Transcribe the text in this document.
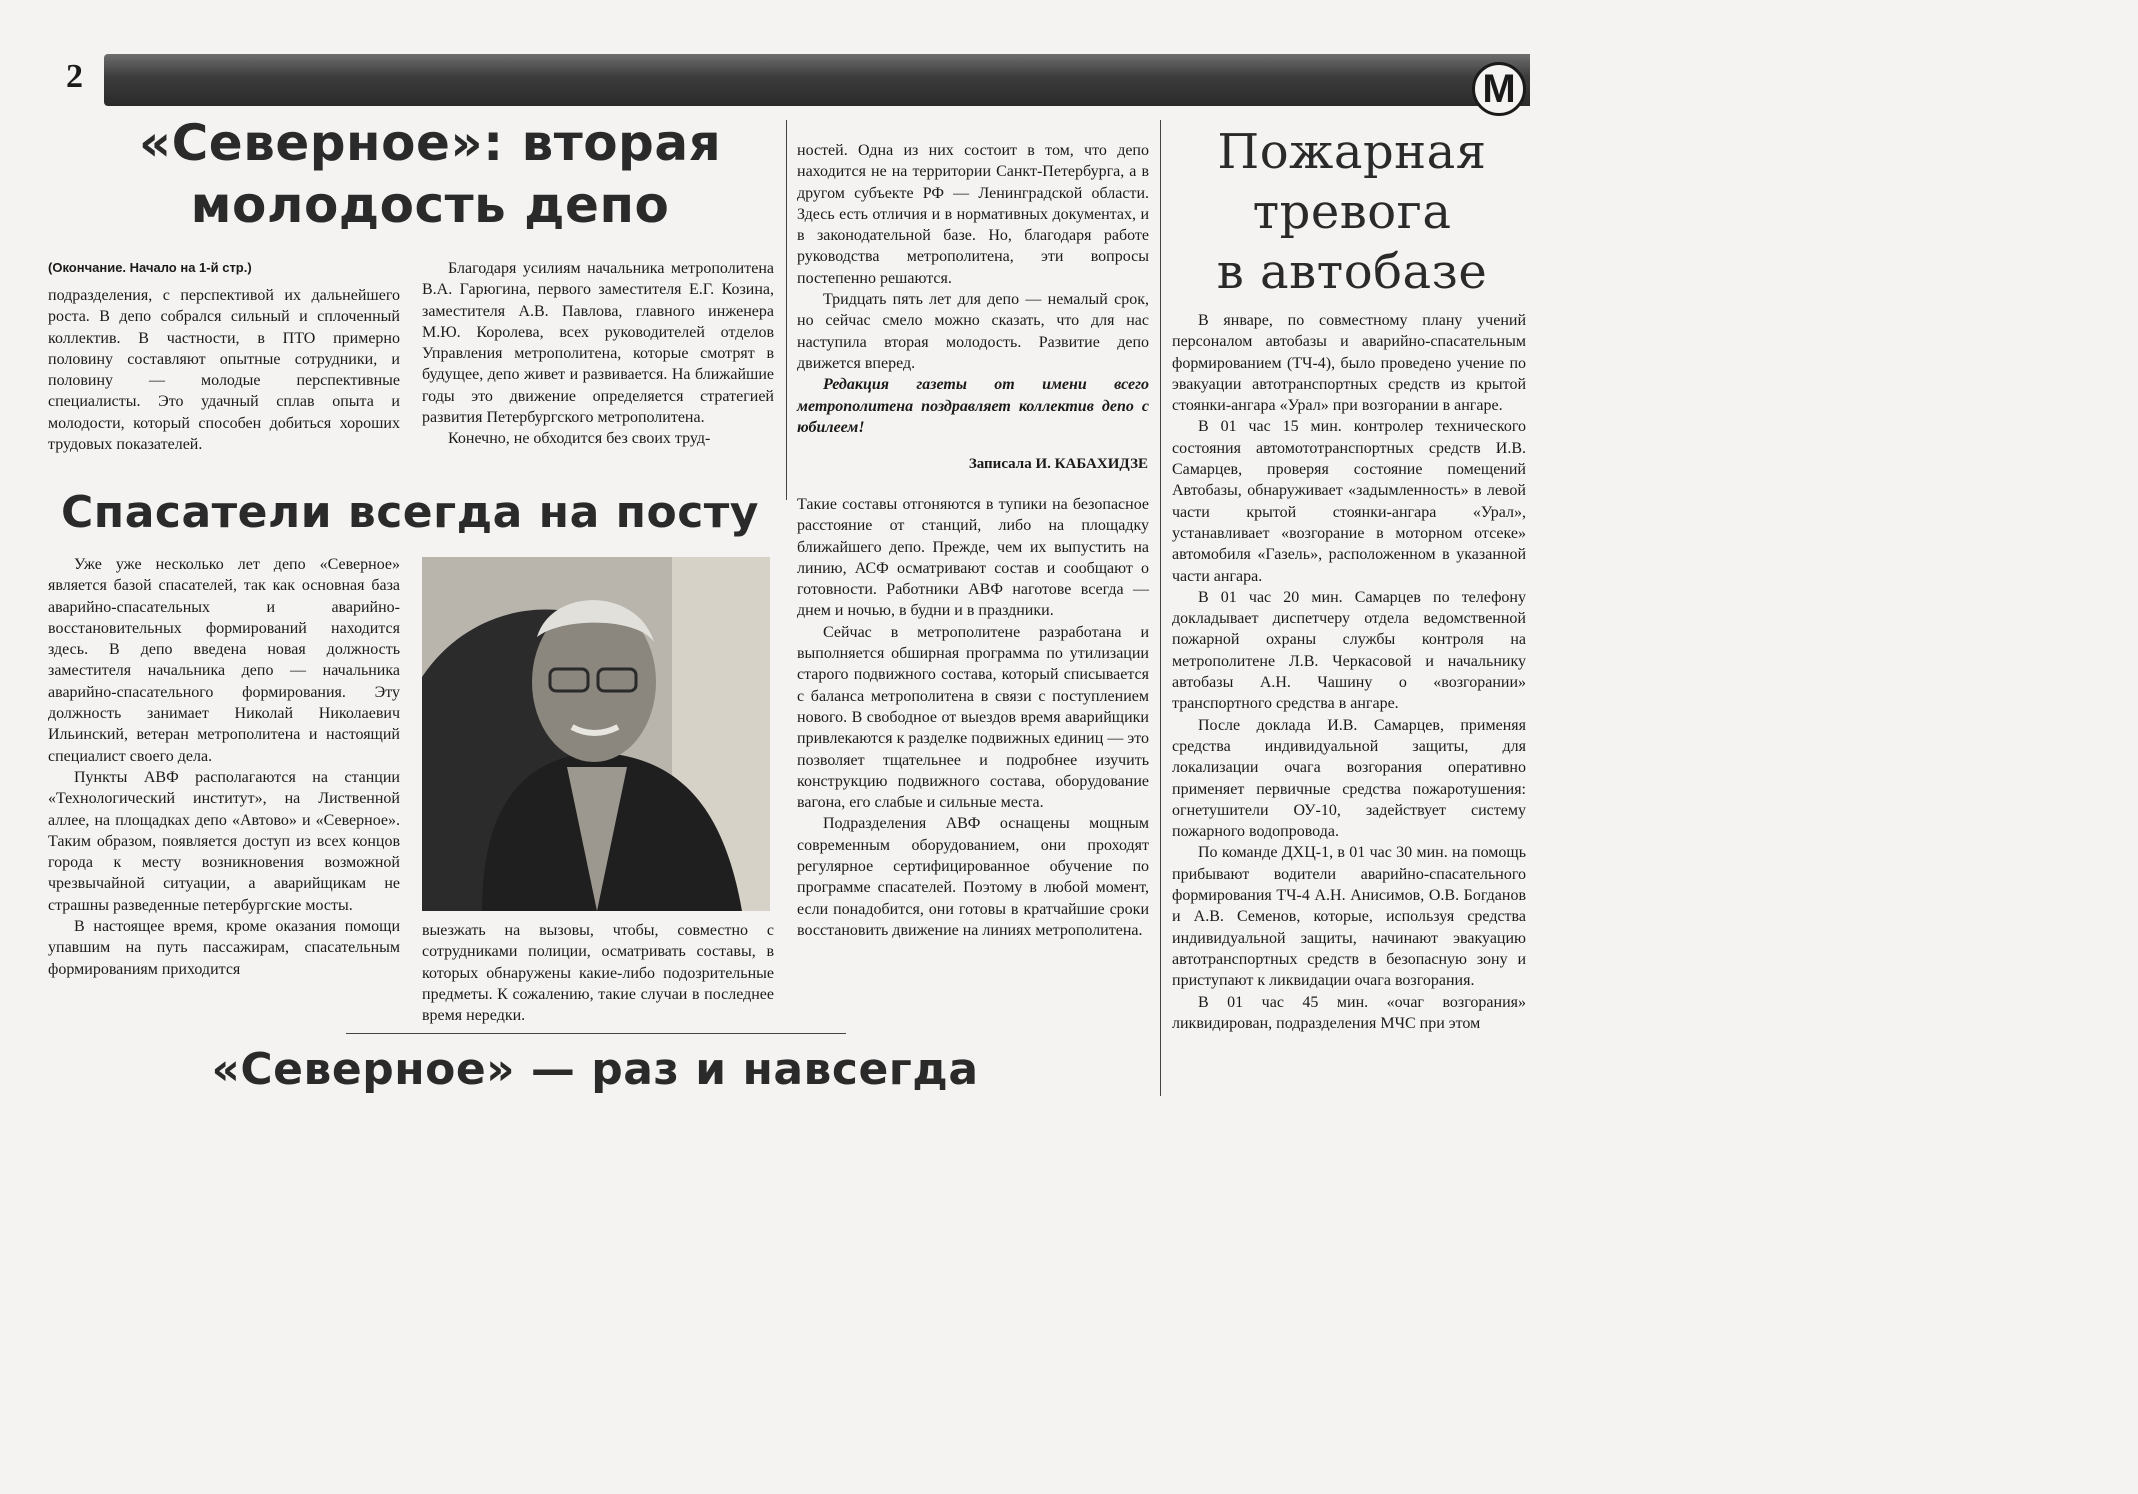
2	M
«Северное»: вторая
молодость депо
(Окончание. Начало на 1-й стр.)

подразделения, с перспективой их дальнейшего роста. В депо собрался сильный и сплоченный коллектив. В частности, в ПТО примерно половину составляют опытные сотрудники, и половину — молодые перспективные специалисты. Это удачный сплав опыта и молодости, который способен добиться хороших трудовых показателей.

Благодаря усилиям начальника метрополитена В.А. Гарюгина, первого заместителя Е.Г. Козина, заместителя А.В. Павлова, главного инженера М.Ю. Королева, всех руководителей отделов Управления метрополитена, которые смотрят в будущее, депо живет и развивается. На ближайшие годы это движение определяется стратегией развития Петербургского метрополитена.

Конечно, не обходится без своих труд-

ностей. Одна из них состоит в том, что депо находится не на территории Санкт-Петербурга, а в другом субъекте РФ — Ленинградской области. Здесь есть отличия и в нормативных документах, и в законодательной базе. Но, благодаря работе руководства метрополитена, эти вопросы постепенно решаются.

Тридцать пять лет для депо — немалый срок, но сейчас смело можно сказать, что для нас наступила вторая молодость. Развитие депо движется вперед.

Редакция газеты от имени всего метрополитена поздравляет коллектив депо с юбилеем!

Записала И. КАБАХИДЗЕ
Спасатели всегда на посту

Уже уже несколько лет депо «Северное» является базой спасателей, так как основная база аварийно-спасательных и аварийно-восстановительных формирований находится здесь. В депо введена новая должность заместителя начальника депо — начальника аварийно-спасательного формирования. Эту должность занимает Николай Николаевич Ильинский, ветеран метрополитена и настоящий специалист своего дела.

Пункты АВФ располагаются на станции «Технологический институт», на Лиственной аллее, на площадках депо «Автово» и «Северное». Таким образом, появляется доступ из всех концов города к месту возникновения возможной чрезвычайной ситуации, а аварийщикам не страшны разведенные петербургские мосты.

В настоящее время, кроме оказания помощи упавшим на путь пассажирам, спасательным формированиям приходится

выезжать на вызовы, чтобы, совместно с сотрудниками полиции, осматривать составы, в которых обнаружены какие-либо подозрительные предметы. К сожалению, такие случаи в последнее время нередки.

Такие составы отгоняются в тупики на безопасное расстояние от станций, либо на площадку ближайшего депо. Прежде, чем их выпустить на линию, АСФ осматривают состав и сообщают о готовности. Работники АВФ наготове всегда — днем и ночью, в будни и в праздники.

Сейчас в метрополитене разработана и выполняется обширная программа по утилизации старого подвижного состава, который списывается с баланса метрополитена в связи с поступлением нового. В свободное от выездов время аварийщики привлекаются к разделке подвижных единиц — это позволяет тщательнее и подробнее изучить конструкцию подвижного состава, оборудование вагона, его слабые и сильные места.

Подразделения АВФ оснащены мощным современным оборудованием, они проходят регулярное сертифицированное обучение по программе спасателей. Поэтому в любой момент, если понадобится, они готовы в кратчайшие сроки восстановить движение на линиях метрополитена.

Пожарная
тревога
в автобазе

В январе, по совместному плану учений персоналом автобазы и аварийно-спасательным формированием (ТЧ-4), было проведено учение по эвакуации автотранспортных средств из крытой стоянки-ангара «Урал» при возгорании в ангаре.

В 01 час 15 мин. контролер технического состояния автомототранспортных средств И.В. Самарцев, проверяя состояние помещений Автобазы, обнаруживает «задымленность» в левой части крытой стоянки-ангара «Урал», устанавливает «возгорание в моторном отсеке» автомобиля «Газель», расположенном в указанной части ангара.

В 01 час 20 мин. Самарцев по телефону докладывает диспетчеру отдела ведомственной пожарной охраны службы контроля на метрополитене Л.В. Черкасовой и начальнику автобазы А.Н. Чашину о «возгорании» транспортного средства в ангаре.

После доклада И.В. Самарцев, применяя средства индивидуальной защиты, для локализации очага возгорания оперативно применяет первичные средства пожаротушения: огнетушители ОУ-10, задействует систему пожарного водопровода.

По команде ДХЦ-1, в 01 час 30 мин. на помощь прибывают водители аварийно-спасательного формирования ТЧ-4 А.Н. Анисимов, О.В. Богданов и А.В. Семенов, которые, используя средства индивидуальной защиты, начинают эвакуацию автотранспортных средств в безопасную зону и приступают к ликвидации очага возгорания.

В 01 час 45 мин. «очаг возгорания» ликвидирован, подразделения МЧС при этом

«Северное» — раз и навсегда
